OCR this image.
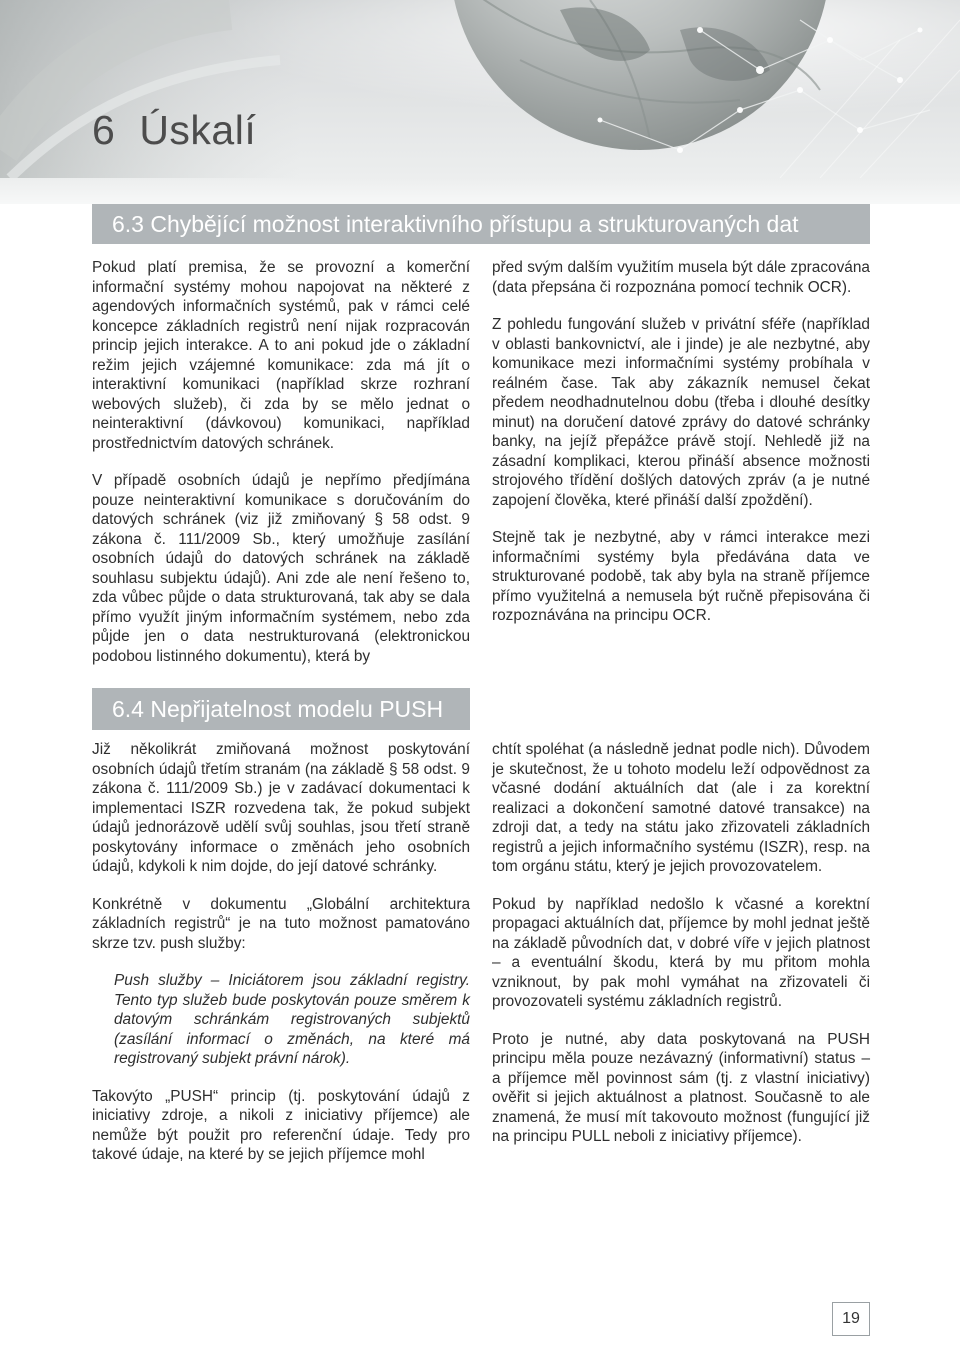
6 Úskalí
6.3 Chybějící možnost interaktivního přístupu a strukturovaných dat

Pokud platí premisa, že se provozní a komerční informační systémy mohou napojovat na některé z agendových informačních systémů, pak v rámci celé koncepce základních registrů není nijak rozpracován princip jejich interakce. A to ani pokud jde o základní režim jejich vzájemné komunikace: zda má jít o interaktivní komunikaci (například skrze rozhraní webových služeb), či zda by se mělo jednat o neinteraktivní (dávkovou) komunikaci, například prostřednictvím datových schránek.

V případě osobních údajů je nepřímo předjímána pouze neinteraktivní komunikace s doručováním do datových schránek (viz již zmiňovaný § 58 odst. 9 zákona č. 111/2009 Sb., který umožňuje zasílání osobních údajů do datových schránek na základě souhlasu subjektu údajů). Ani zde ale není řešeno to, zda vůbec půjde o data strukturovaná, tak aby se dala přímo využít jiným informačním systémem, nebo zda půjde jen o data nestrukturovaná (elektronickou podobou listinného dokumentu), která by

před svým dalším využitím musela být dále zpracována (data přepsána či rozpoznána pomocí technik OCR).

Z pohledu fungování služeb v privátní sféře (například v oblasti bankovnictví, ale i jinde) je ale nezbytné, aby komunikace mezi informačními systémy probíhala v reálném čase. Tak aby zákazník nemusel čekat předem neodhadnutelnou dobu (třeba i dlouhé desítky minut) na doručení datové zprávy do datové schránky banky, na jejíž přepážce právě stojí. Nehledě již na zásadní komplikaci, kterou přináší absence možnosti strojového třídění došlých datových zpráv (a je nutné zapojení člověka, které přináší další zpoždění).

Stejně tak je nezbytné, aby v rámci interakce mezi informačními systémy byla předávána data ve strukturované podobě, tak aby byla na straně příjemce přímo využitelná a nemusela být ručně přepisována či rozpoznávána na principu OCR.

6.4 Nepřijatelnost modelu PUSH

Již několikrát zmiňovaná možnost poskytování osobních údajů třetím stranám (na základě § 58 odst. 9 zákona č. 111/2009 Sb.) je v zadávací dokumentaci k implementaci ISZR rozvedena tak, že pokud subjekt údajů jednorázově udělí svůj souhlas, jsou třetí straně poskytovány informace o změnách jeho osobních údajů, kdykoli k nim dojde, do její datové schránky.

Konkrétně v dokumentu „Globální architektura základních registrů“ je na tuto možnost pamatováno skrze tzv. push služby:

Push služby – Iniciátorem jsou základní registry. Tento typ služeb bude poskytován pouze směrem k datovým schránkám registrovaných subjektů (zasílání informací o změnách, na které má registrovaný subjekt právní nárok).

Takovýto „PUSH“ princip (tj. poskytování údajů z iniciativy zdroje, a nikoli z iniciativy příjemce) ale nemůže být použit pro referenční údaje. Tedy pro takové údaje, na které by se jejich příjemce mohl

chtít spoléhat (a následně jednat podle nich). Důvodem je skutečnost, že u tohoto modelu leží odpovědnost za včasné dodání aktuálních dat (ale i za korektní realizaci a dokončení samotné datové transakce) na zdroji dat, a tedy na státu jako zřizovateli základních registrů a jejich informačního systému (ISZR), resp. na tom orgánu státu, který je jejich provozovatelem.

Pokud by například nedošlo k včasné a korektní propagaci aktuálních dat, příjemce by mohl jednat ještě na základě původních dat, v dobré víře v jejich platnost – a eventuální škodu, která by mu přitom mohla vzniknout, by pak mohl vymáhat na zřizovateli či provozovateli systému základních registrů.

Proto je nutné, aby data poskytovaná na PUSH principu měla pouze nezávazný (informativní) status – a příjemce měl povinnost sám (tj. z vlastní iniciativy) ověřit si jejich aktuálnost a platnost. Současně to ale znamená, že musí mít takovouto možnost (fungující již na principu PULL neboli z iniciativy příjemce).

19
